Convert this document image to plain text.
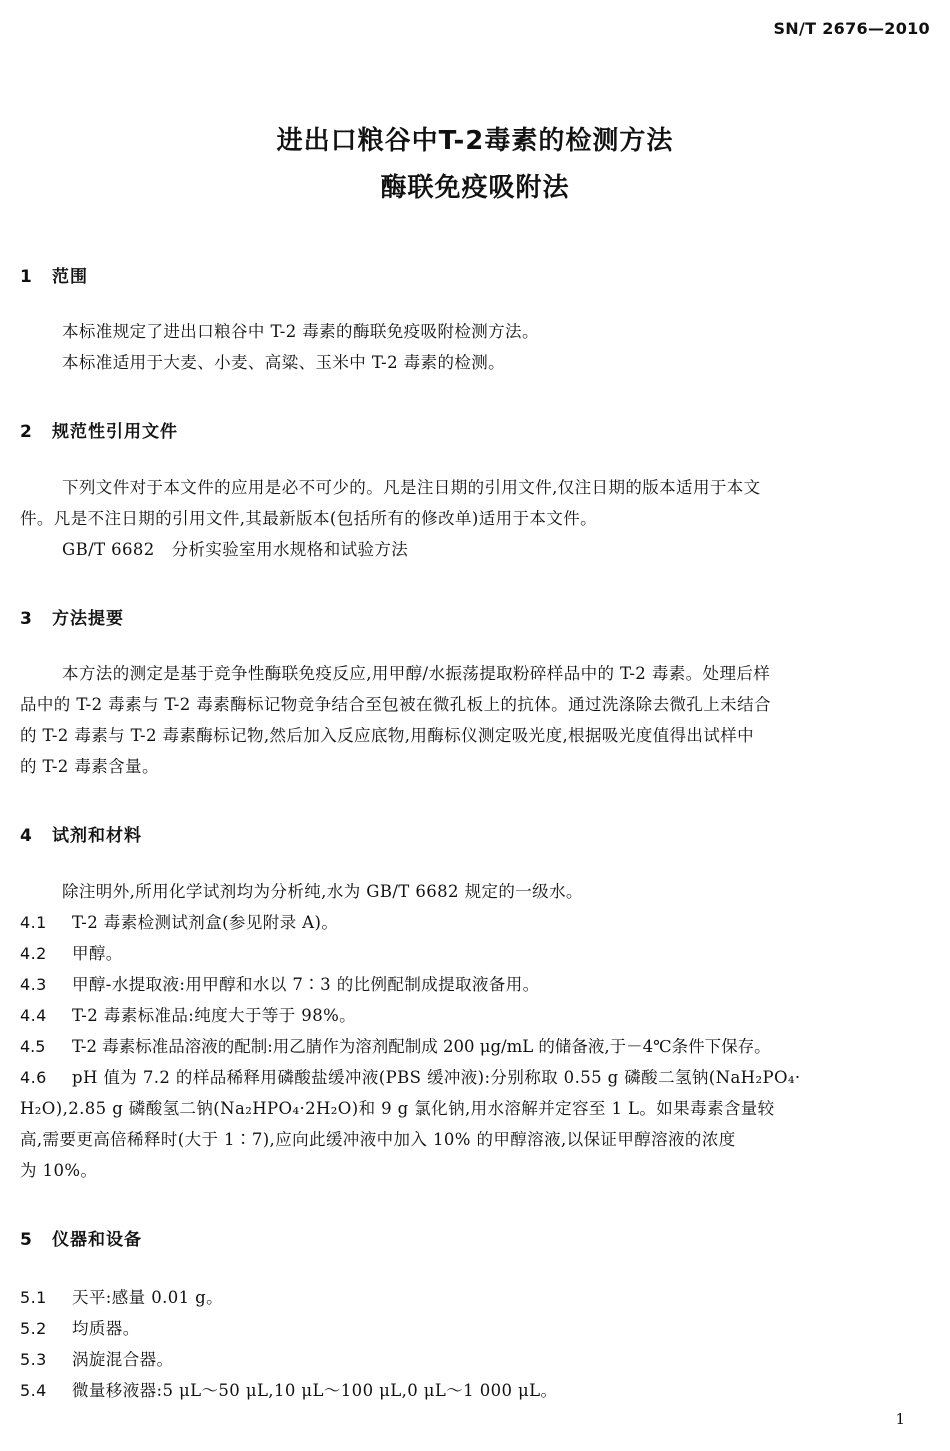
SN/T 2676—2010
进出口粮谷中T-2毒素的检测方法
酶联免疫吸附法
1 范围

本标准规定了进出口粮谷中 T-2 毒素的酶联免疫吸附检测方法。

本标准适用于大麦、小麦、高粱、玉米中 T-2 毒素的检测。

2 规范性引用文件

下列文件对于本文件的应用是必不可少的。凡是注日期的引用文件,仅注日期的版本适用于本文

件。凡是不注日期的引用文件,其最新版本(包括所有的修改单)适用于本文件。

GB/T 6682　分析实验室用水规格和试验方法

3 方法提要

本方法的测定是基于竞争性酶联免疫反应,用甲醇/水振荡提取粉碎样品中的 T-2 毒素。处理后样

品中的 T-2 毒素与 T-2 毒素酶标记物竞争结合至包被在微孔板上的抗体。通过洗涤除去微孔上未结合

的 T-2 毒素与 T-2 毒素酶标记物,然后加入反应底物,用酶标仪测定吸光度,根据吸光度值得出试样中

的 T-2 毒素含量。

4 试剂和材料

除注明外,所用化学试剂均为分析纯,水为 GB/T 6682 规定的一级水。

4.1 T-2 毒素检测试剂盒(参见附录 A)。

4.2 甲醇。

4.3 甲醇-水提取液:用甲醇和水以 7∶3 的比例配制成提取液备用。

4.4 T-2 毒素标准品:纯度大于等于 98%。

4.5 T-2 毒素标准品溶液的配制:用乙腈作为溶剂配制成 200 μg/mL 的储备液,于－4℃条件下保存。

4.6 pH 值为 7.2 的样品稀释用磷酸盐缓冲液(PBS 缓冲液):分别称取 0.55 g 磷酸二氢钠(NaH₂PO₄·

H₂O),2.85 g 磷酸氢二钠(Na₂HPO₄·2H₂O)和 9 g 氯化钠,用水溶解并定容至 1 L。如果毒素含量较

高,需要更高倍稀释时(大于 1∶7),应向此缓冲液中加入 10% 的甲醇溶液,以保证甲醇溶液的浓度

为 10%。

5 仪器和设备

5.1 天平:感量 0.01 g。

5.2 均质器。

5.3 涡旋混合器。

5.4 微量移液器:5 μL～50 μL,10 μL～100 μL,0 μL～1 000 μL。

1
